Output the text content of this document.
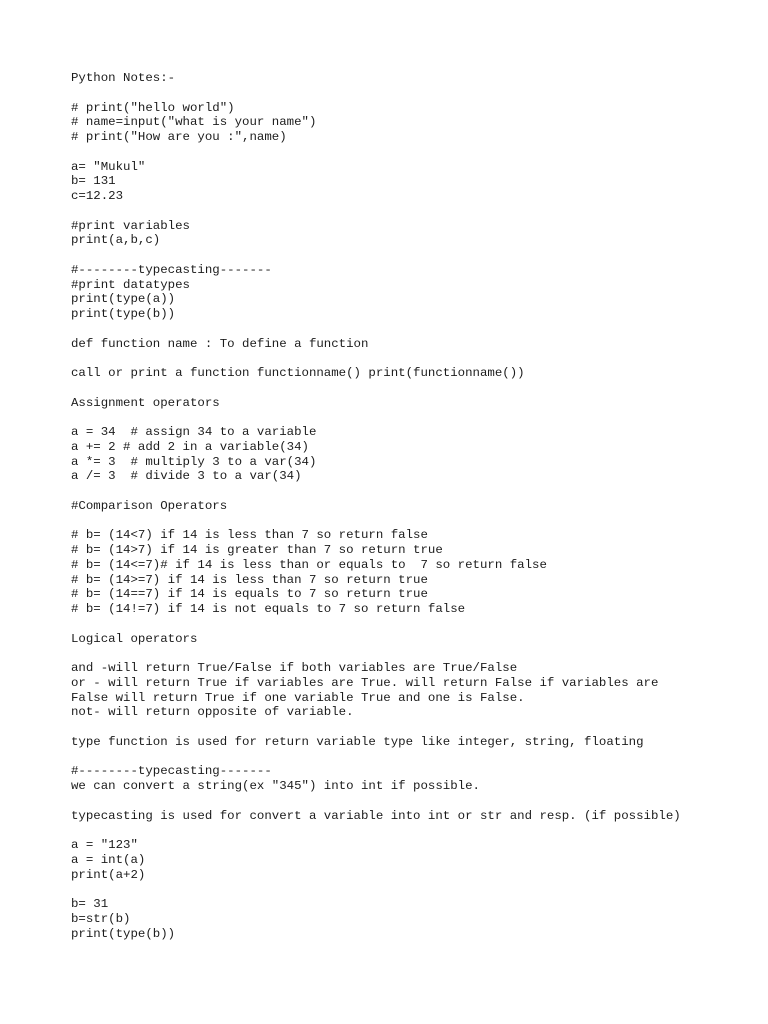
Python Notes:-
# print("hello world")
# name=input("what is your name")
# print("How are you :",name)
a= "Mukul"
b= 131
c=12.23
#print variables
print(a,b,c)
#--------typecasting-------
#print datatypes
print(type(a))
print(type(b))
def function name : To define a function
call or print a function functionname() print(functionname())
Assignment operators
a = 34  # assign 34 to a variable
a += 2 # add 2 in a variable(34)
a *= 3  # multiply 3 to a var(34)
a /= 3  # divide 3 to a var(34)
#Comparison Operators
# b= (14<7) if 14 is less than 7 so return false
# b= (14>7) if 14 is greater than 7 so return true
# b= (14<=7)# if 14 is less than or equals to  7 so return false
# b= (14>=7) if 14 is less than 7 so return true
# b= (14==7) if 14 is equals to 7 so return true
# b= (14!=7) if 14 is not equals to 7 so return false
Logical operators
and -will return True/False if both variables are True/False
or - will return True if variables are True. will return False if variables are
False will return True if one variable True and one is False.
not- will return opposite of variable.
type function is used for return variable type like integer, string, floating
#--------typecasting-------
we can convert a string(ex "345") into int if possible.
typecasting is used for convert a variable into int or str and resp. (if possible)
a = "123"
a = int(a)
print(a+2)
b= 31
b=str(b)
print(type(b))
